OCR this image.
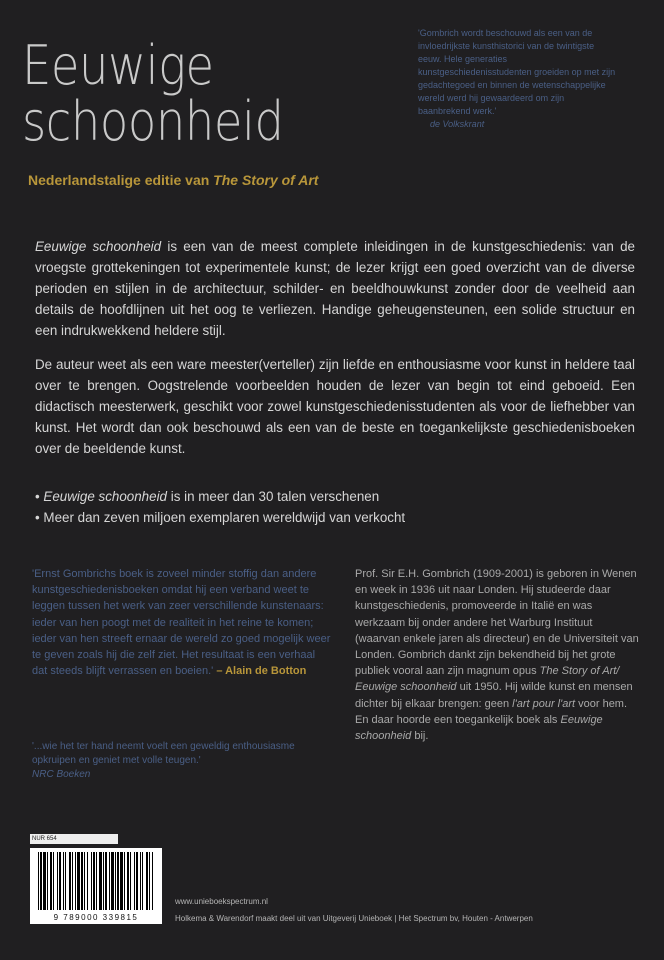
Eeuwige
schoonheid
Nederlandstalige editie van The Story of Art
'Gombrich wordt beschouwd als een van de invloedrijkste kunsthistorici van de twintigste eeuw. Hele generaties kunstgeschiedenisstudenten groeiden op met zijn gedachtegoed en binnen de wetenschappelijke wereld werd hij gewaardeerd om zijn baanbrekend werk.'
de Volkskrant

Eeuwige schoonheid is een van de meest complete inleidingen in de kunstgeschiedenis: van de vroegste grottekeningen tot experimentele kunst; de lezer krijgt een goed overzicht van de diverse perioden en stijlen in de architectuur, schilder- en beeldhouwkunst zonder door de veelheid aan details de hoofdlijnen uit het oog te verliezen. Handige geheugensteunen, een solide structuur en een indrukwekkend heldere stijl.

De auteur weet als een ware meester(verteller) zijn liefde en enthousiasme voor kunst in heldere taal over te brengen. Oogstrelende voorbeelden houden de lezer van begin tot eind geboeid. Een didactisch meesterwerk, geschikt voor zowel kunstgeschiedenisstudenten als voor de liefhebber van kunst. Het wordt dan ook beschouwd als een van de beste en toegankelijkste geschiedenisboeken over de beeldende kunst.

• Eeuwige schoonheid is in meer dan 30 talen verschenen
• Meer dan zeven miljoen exemplaren wereldwijd van verkocht

'Ernst Gombrichs boek is zoveel minder stoffig dan andere kunstgeschiedenisboeken omdat hij een verband weet te leggen tussen het werk van zeer verschillende kunstenaars: ieder van hen poogt met de realiteit in het reine te komen; ieder van hen streeft ernaar de wereld zo goed mogelijk weer te geven zoals hij die zelf ziet. Het resultaat is een verhaal dat steeds blijft verrassen en boeien.' – Alain de Botton

'...wie het ter hand neemt voelt een geweldig enthousiasme opkruipen en geniet met volle teugen.'
NRC Boeken

Prof. Sir E.H. Gombrich (1909-2001) is geboren in Wenen en week in 1936 uit naar Londen. Hij studeerde daar kunstgeschiedenis, promoveerde in Italië en was werkzaam bij onder andere het Warburg Instituut (waarvan enkele jaren als directeur) en de Universiteit van Londen. Gombrich dankt zijn bekendheid bij het grote publiek vooral aan zijn magnum opus The Story of Art/ Eeuwige schoonheid uit 1950. Hij wilde kunst en mensen dichter bij elkaar brengen: geen l'art pour l'art voor hem. En daar hoorde een toegankelijk boek als Eeuwige schoonheid bij.

NUR 654
9 789000 339815
www.unieboekspectrum.nl
Holkema & Warendorf maakt deel uit van Uitgeverij Unieboek | Het Spectrum bv, Houten - Antwerpen
